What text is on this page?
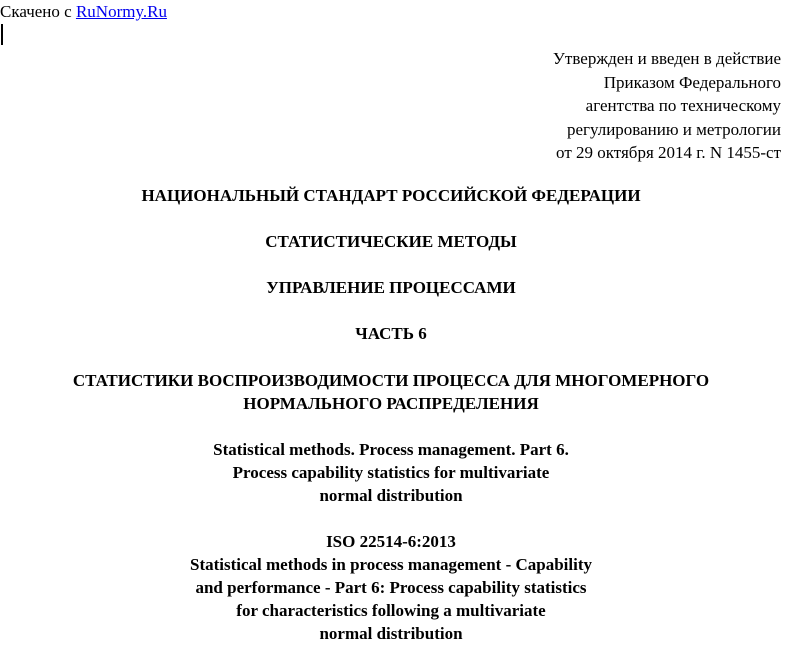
Скачено с RuNormy.Ru
Утвержден и введен в действие
Приказом Федерального
агентства по техническому
регулированию и метрологии
от 29 октября 2014 г. N 1455-ст
НАЦИОНАЛЬНЫЙ СТАНДАРТ РОССИЙСКОЙ ФЕДЕРАЦИИ
СТАТИСТИЧЕСКИЕ МЕТОДЫ
УПРАВЛЕНИЕ ПРОЦЕССАМИ
ЧАСТЬ 6
СТАТИСТИКИ ВОСПРОИЗВОДИМОСТИ ПРОЦЕССА ДЛЯ МНОГОМЕРНОГО
НОРМАЛЬНОГО РАСПРЕДЕЛЕНИЯ
Statistical methods. Process management. Part 6.
Process capability statistics for multivariate
normal distribution
ISO 22514-6:2013
Statistical methods in process management - Capability
and performance - Part 6: Process capability statistics
for characteristics following a multivariate
normal distribution
